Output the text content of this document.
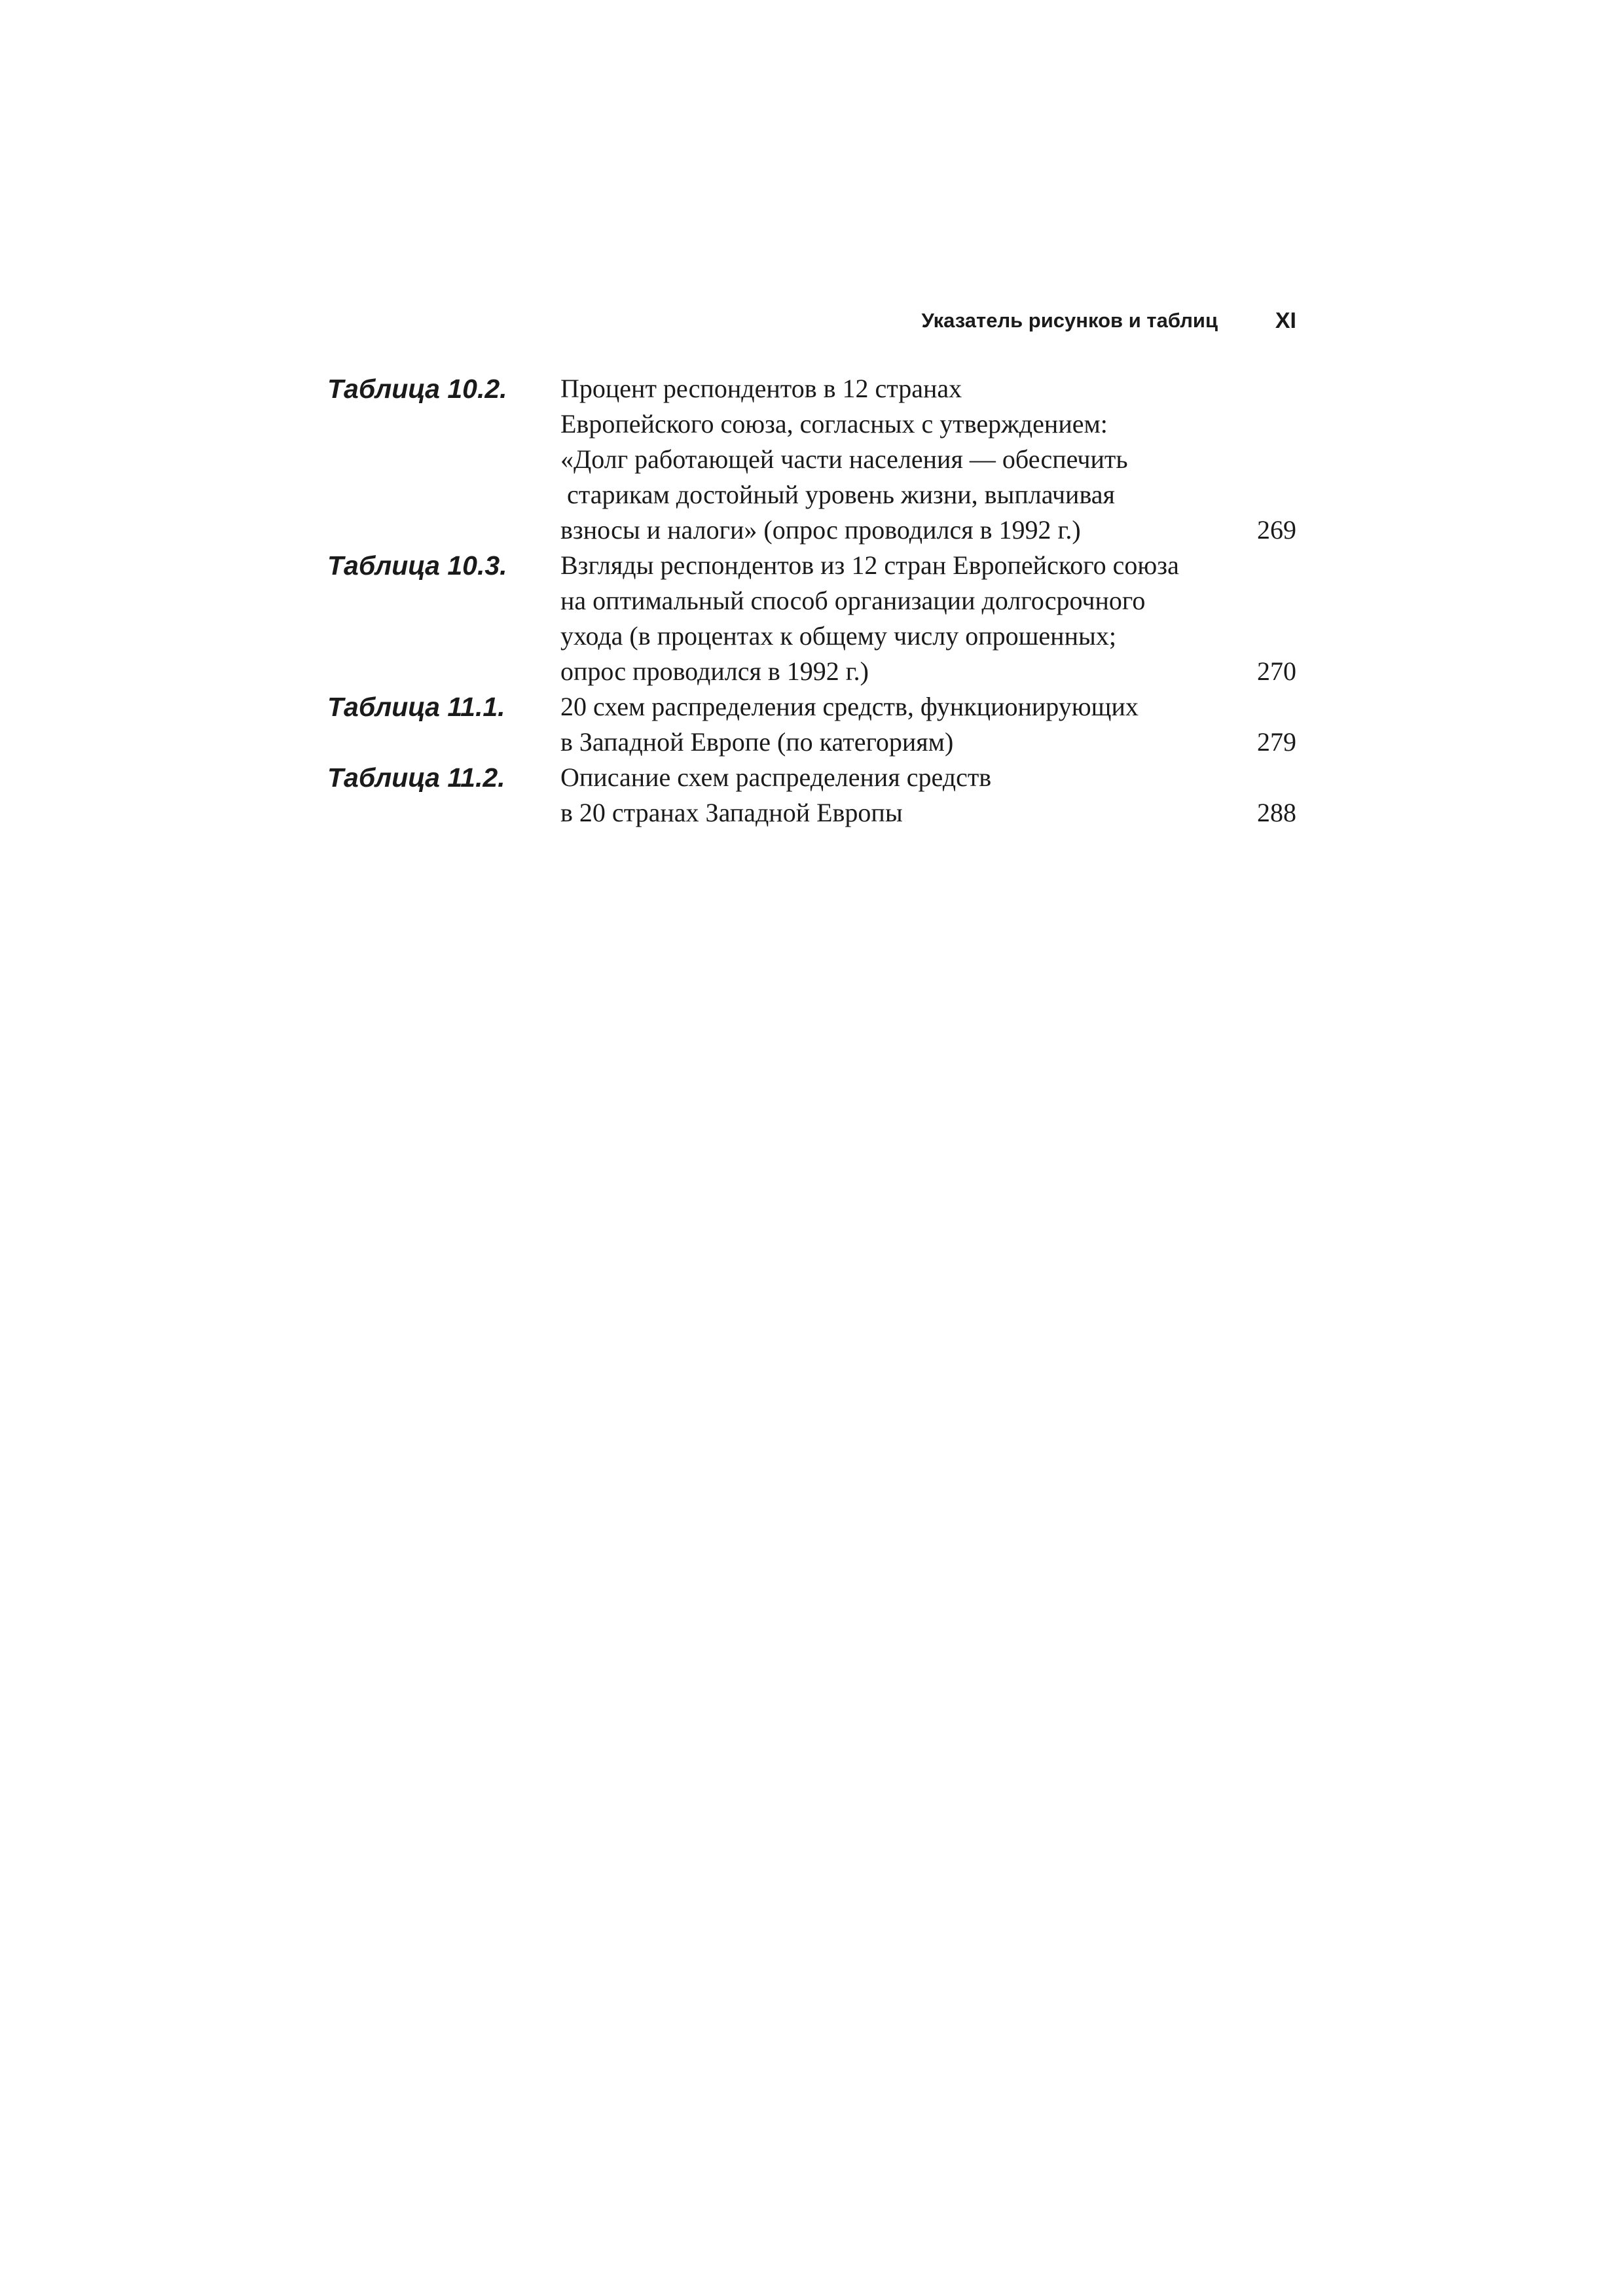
Указатель рисунков и таблиц	XI
Таблица 10.2. Процент респондентов в 12 странах
Европейского союза, согласных с утверждением:
«Долг работающей части населения — обеспечить
старикам достойный уровень жизни, выплачивая
взносы и налоги» (опрос проводился в 1992 г.)	269
Таблица 10.3. Взгляды респондентов из 12 стран Европейского союза
на оптимальный способ организации долгосрочного
ухода (в процентах к общему числу опрошенных;
опрос проводился в 1992 г.)	270
Таблица 11.1. 20 схем распределения средств, функционирующих
в Западной Европе (по категориям)	279
Таблица 11.2. Описание схем распределения средств
в 20 странах Западной Европы	288
